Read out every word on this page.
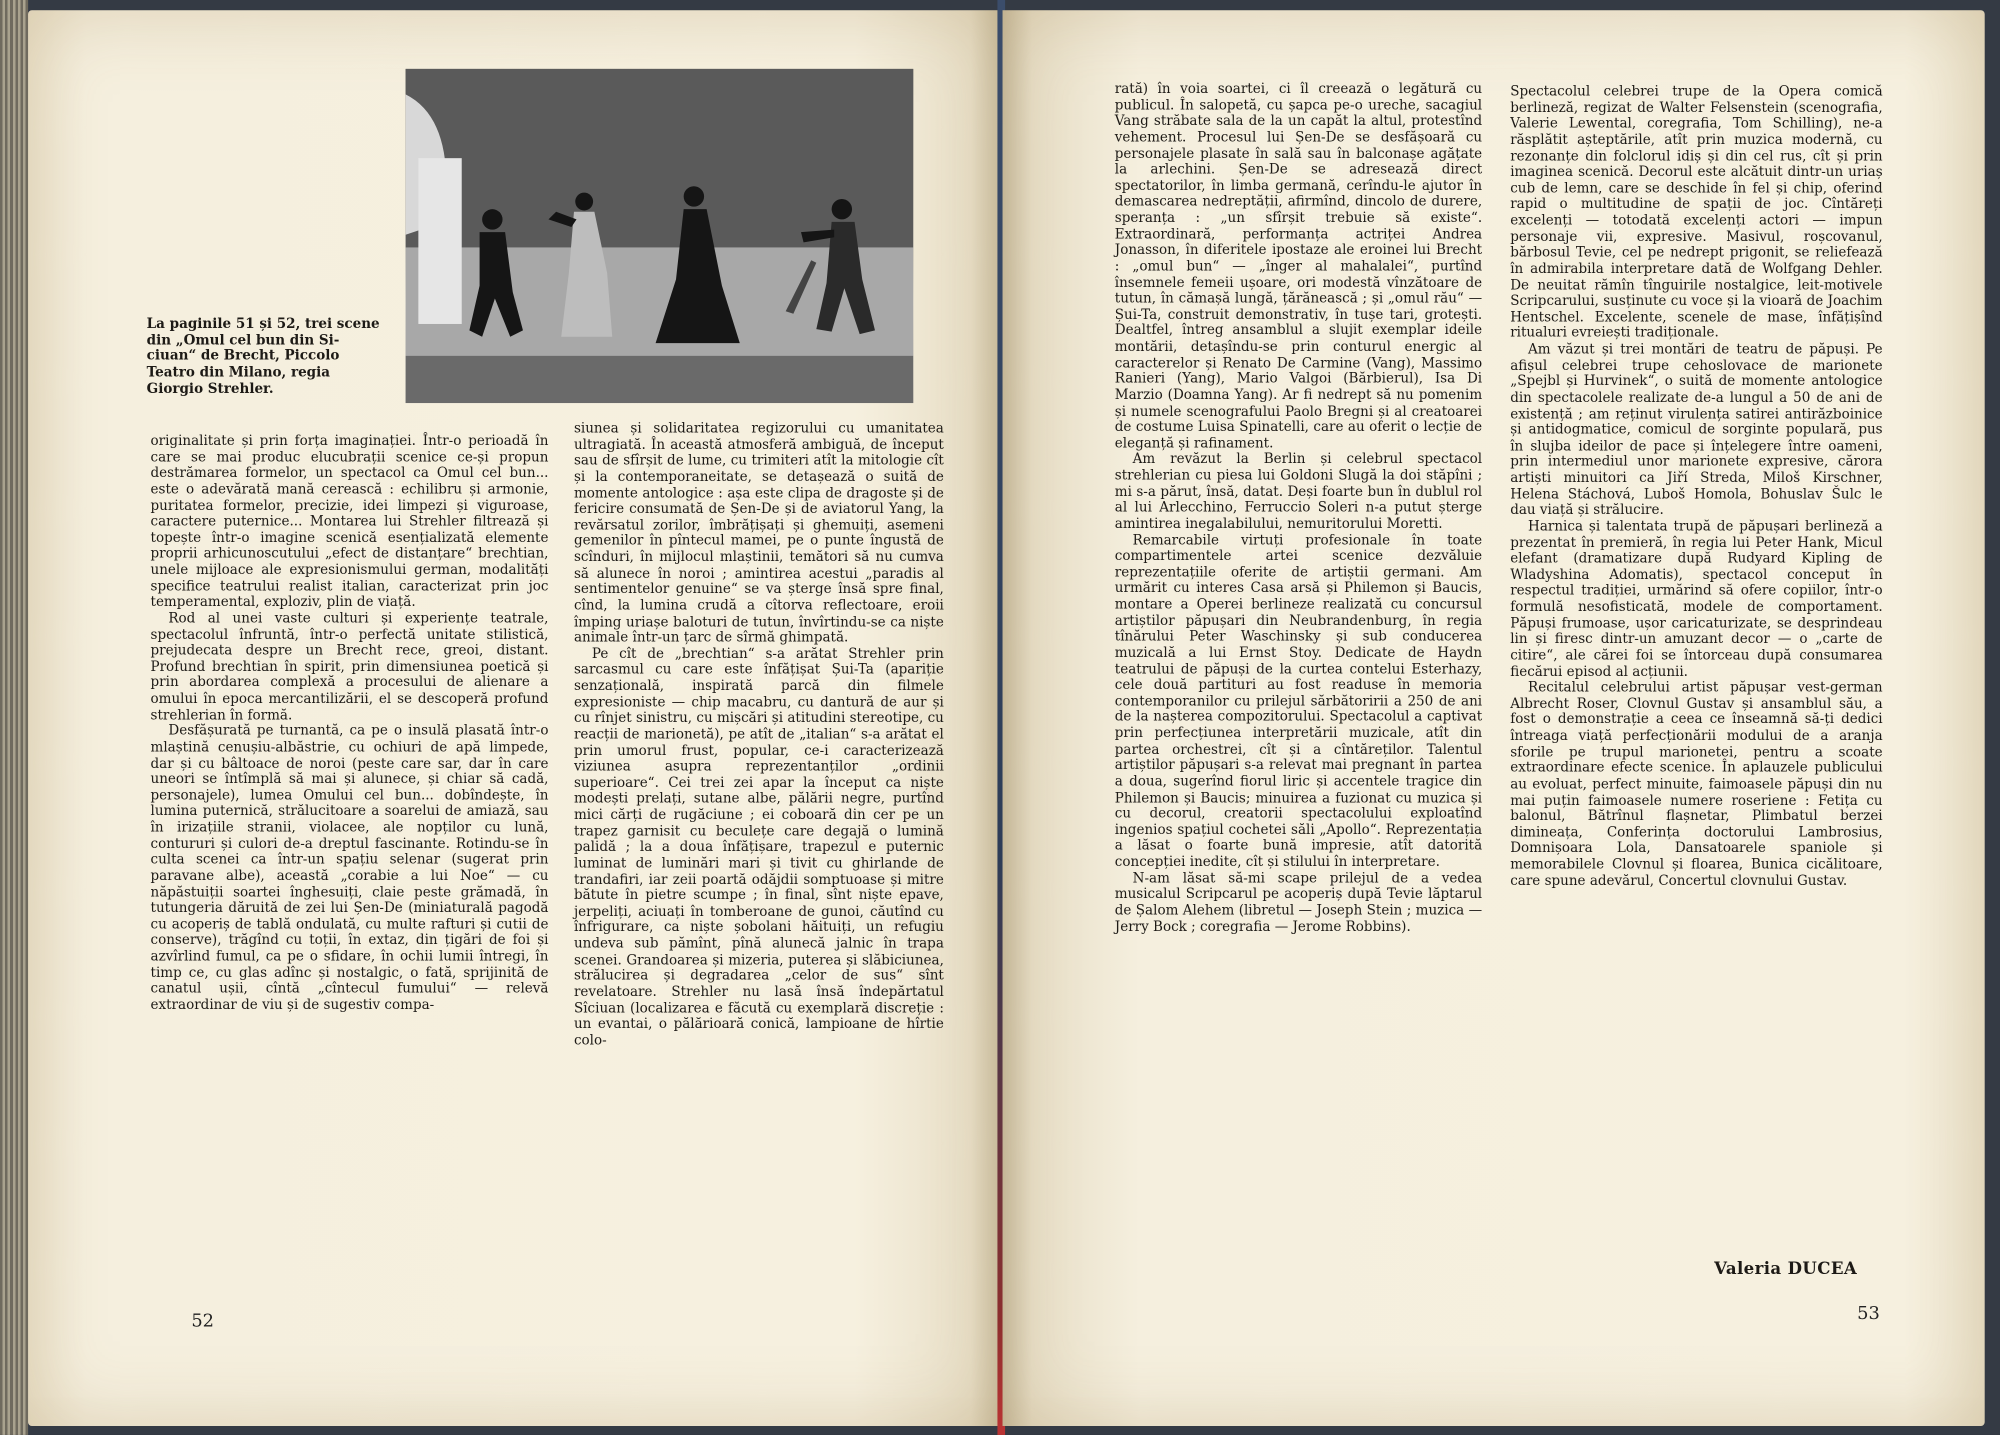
La paginile 51 și 52, trei scene
din „Omul cel bun din Si-
ciuan“ de Brecht, Piccolo
Teatro din Milano, regia
Giorgio Strehler.

originalitate și prin forța imaginației. Într-o perioadă în care se mai produc elucubrații scenice ce-și propun destrămarea formelor, un spectacol ca Omul cel bun... este o adevărată mană cerească : echilibru și armonie, puritatea formelor, precizie, idei limpezi și viguroase, caractere puternice... Montarea lui Strehler filtrează și topește într-o imagine scenică esențializată elemente proprii arhicunoscutului „efect de distanțare“ brechtian, unele mijloace ale expresionismului german, modalități specifice teatrului realist italian, caracterizat prin joc temperamental, exploziv, plin de viață.

Rod al unei vaste culturi și experiențe teatrale, spectacolul înfruntă, într-o perfectă unitate stilistică, prejudecata despre un Brecht rece, greoi, distant. Profund brechtian în spirit, prin dimensiunea poetică și prin abordarea complexă a procesului de alienare a omului în epoca mercantilizării, el se descoperă profund strehlerian în formă.

Desfășurată pe turnantă, ca pe o insulă plasată într-o mlaștină cenușiu-albăstrie, cu ochiuri de apă limpede, dar și cu bâltoace de noroi (peste care sar, dar în care uneori se întîmplă să mai și alunece, și chiar să cadă, personajele), lumea Omului cel bun... dobîndește, în lumina puternică, strălucitoare a soarelui de amiază, sau în irizațiile stranii, violacee, ale nopților cu lună, contururi și culori de-a dreptul fascinante. Rotindu-se în culta scenei ca într-un spațiu selenar (sugerat prin paravane albe), această „corabie a lui Noe“ — cu năpăstuiții soartei înghesuiți, claie peste grămadă, în tutungeria dăruită de zei lui Șen-De (miniaturală pagodă cu acoperiș de tablă ondulată, cu multe rafturi și cutii de conserve), trăgînd cu toții, în extaz, din țigări de foi și azvîrlind fumul, ca pe o sfidare, în ochii lumii întregi, în timp ce, cu glas adînc și nostalgic, o fată, sprijinită de canatul ușii, cîntă „cîntecul fumului“ — relevă extraordinar de viu și de sugestiv compa-

siunea și solidaritatea regizorului cu umanitatea ultragiată. În această atmosferă ambiguă, de început sau de sfîrșit de lume, cu trimiteri atît la mitologie cît și la contemporaneitate, se detașează o suită de momente antologice : așa este clipa de dragoste și de fericire consumată de Șen-De și de aviatorul Yang, la revărsatul zorilor, îmbrățișați și ghemuiți, asemeni gemenilor în pîntecul mamei, pe o punte îngustă de scînduri, în mijlocul mlaștinii, temători să nu cumva să alunece în noroi ; amintirea acestui „paradis al sentimentelor genuine“ se va șterge însă spre final, cînd, la lumina crudă a cîtorva reflectoare, eroii împing uriașe baloturi de tutun, învîrtindu-se ca niște animale într-un țarc de sîrmă ghimpată.

Pe cît de „brechtian“ s-a arătat Strehler prin sarcasmul cu care este înfățișat Șui-Ta (apariție senzațională, inspirată parcă din filmele expresioniste — chip macabru, cu dantură de aur și cu rînjet sinistru, cu mișcări și atitudini stereotipe, cu reacții de marionetă), pe atît de „italian“ s-a arătat el prin umorul frust, popular, ce-i caracterizează viziunea asupra reprezentanților „ordinii superioare“. Cei trei zei apar la început ca niște modești prelați, sutane albe, pălării negre, purtînd mici cărți de rugăciune ; ei coboară din cer pe un trapez garnisit cu beculețe care degajă o lumină palidă ; la a doua înfățișare, trapezul e puternic luminat de luminări mari și tivit cu ghirlande de trandafiri, iar zeii poartă odăjdii somptuoase și mitre bătute în pietre scumpe ; în final, sînt niște epave, jerpeliți, aciuați în tomberoane de gunoi, căutînd cu înfrigurare, ca niște șobolani hăituiți, un refugiu undeva sub pămînt, pînă alunecă jalnic în trapa scenei. Grandoarea și mizeria, puterea și slăbiciunea, strălucirea și degradarea „celor de sus“ sînt revelatoare. Strehler nu lasă însă îndepărtatul Sîciuan (localizarea e făcută cu exemplară discreție : un evantai, o pălărioară conică, lampioane de hîrtie colo-

52

rată) în voia soartei, ci îl creează o legătură cu publicul. În salopetă, cu șapca pe-o ureche, sacagiul Vang străbate sala de la un capăt la altul, protestînd vehement. Procesul lui Șen-De se desfășoară cu personajele plasate în sală sau în balconașe agățate la arlechini. Șen-De se adresează direct spectatorilor, în limba germană, cerîndu-le ajutor în demascarea nedreptății, afirmînd, dincolo de durere, speranța : „un sfîrșit trebuie să existe“. Extraordinară, performanța actriței Andrea Jonasson, în diferitele ipostaze ale eroinei lui Brecht : „omul bun“ — „înger al mahalalei“, purtînd însemnele femeii ușoare, ori modestă vînzătoare de tutun, în cămașă lungă, țărănească ; și „omul rău“ — Șui-Ta, construit demonstrativ, în tușe tari, grotești. Dealtfel, întreg ansamblul a slujit exemplar ideile montării, detașîndu-se prin conturul energic al caracterelor și Renato De Carmine (Vang), Massimo Ranieri (Yang), Mario Valgoi (Bărbierul), Isa Di Marzio (Doamna Yang). Ar fi nedrept să nu pomenim și numele scenografului Paolo Bregni și al creatoarei de costume Luisa Spinatelli, care au oferit o lecție de eleganță și rafinament.

Am revăzut la Berlin și celebrul spectacol strehlerian cu piesa lui Goldoni Slugă la doi stăpîni ; mi s-a părut, însă, datat. Deși foarte bun în dublul rol al lui Arlecchino, Ferruccio Soleri n-a putut șterge amintirea inegalabilului, nemuritorului Moretti.

Remarcabile virtuți profesionale în toate compartimentele artei scenice dezvăluie reprezentațiile oferite de artiștii germani. Am urmărit cu interes Casa arsă și Philemon și Baucis, montare a Operei berlineze realizată cu concursul artiștilor păpușari din Neubrandenburg, în regia tînărului Peter Waschinsky și sub conducerea muzicală a lui Ernst Stoy. Dedicate de Haydn teatrului de păpuși de la curtea contelui Esterhazy, cele două partituri au fost readuse în memoria contemporanilor cu prilejul sărbătoririi a 250 de ani de la nașterea compozitorului. Spectacolul a captivat prin perfecțiunea interpretării muzicale, atît din partea orchestrei, cît și a cîntăreților. Talentul artiștilor păpușari s-a relevat mai pregnant în partea a doua, sugerînd fiorul liric și accentele tragice din Philemon și Baucis; minuirea a fuzionat cu muzica și cu decorul, creatorii spectacolului exploatînd ingenios spațiul cochetei săli „Apollo“. Reprezentația a lăsat o foarte bună impresie, atît datorită concepției inedite, cît și stilului în interpretare.

N-am lăsat să-mi scape prilejul de a vedea musicalul Scripcarul pe acoperiș după Tevie lăptarul de Șalom Alehem (libretul — Joseph Stein ; muzica — Jerry Bock ; coregrafia — Jerome Robbins).

Spectacolul celebrei trupe de la Opera comică berlineză, regizat de Walter Felsenstein (scenografia, Valerie Lewental, coregrafia, Tom Schilling), ne-a răsplătit așteptările, atît prin muzica modernă, cu rezonanțe din folclorul idiș și din cel rus, cît și prin imaginea scenică. Decorul este alcătuit dintr-un uriaș cub de lemn, care se deschide în fel și chip, oferind rapid o multitudine de spații de joc. Cîntăreți excelenți — totodată excelenți actori — impun personaje vii, expresive. Masivul, roșcovanul, bărbosul Tevie, cel pe nedrept prigonit, se reliefează în admirabila interpretare dată de Wolfgang Dehler. De neuitat rămîn tînguirile nostalgice, leit-motivele Scripcarului, susținute cu voce și la vioară de Joachim Hentschel. Excelente, scenele de mase, înfățișînd ritualuri evreiești tradiționale.

Am văzut și trei montări de teatru de păpuși. Pe afișul celebrei trupe cehoslovace de marionete „Spejbl și Hurvinek“, o suită de momente antologice din spectacolele realizate de-a lungul a 50 de ani de existență ; am reținut virulența satirei antirăzboinice și antidogmatice, comicul de sorginte populară, pus în slujba ideilor de pace și înțelegere între oameni, prin intermediul unor marionete expresive, cărora artiști minuitori ca Jiří Streda, Miloš Kirschner, Helena Stáchová, Luboš Homola, Bohuslav Šulc le dau viață și strălucire.

Harnica și talentata trupă de păpușari berlineză a prezentat în premieră, în regia lui Peter Hank, Micul elefant (dramatizare după Rudyard Kipling de Wladyshina Adomatis), spectacol conceput în respectul tradiției, urmărind să ofere copiilor, într-o formulă nesofisticată, modele de comportament. Păpuși frumoase, ușor caricaturizate, se desprindeau lin și firesc dintr-un amuzant decor — o „carte de citire“, ale cărei foi se întorceau după consumarea fiecărui episod al acțiunii.

Recitalul celebrului artist păpușar vest-german Albrecht Roser, Clovnul Gustav și ansamblul său, a fost o demonstrație a ceea ce înseamnă să-ți dedici întreaga viață perfecționării modului de a aranja sforile pe trupul marionetei, pentru a scoate extraordinare efecte scenice. În aplauzele publicului au evoluat, perfect minuite, faimoasele păpuși din nu mai puțin faimoasele numere roseriene : Fetița cu balonul, Bătrînul flașnetar, Plimbatul berzei dimineața, Conferința doctorului Lambrosius, Domnișoara Lola, Dansatoarele spaniole și memorabilele Clovnul și floarea, Bunica cicălitoare, care spune adevărul, Concertul clovnului Gustav.

Valeria DUCEA
53
